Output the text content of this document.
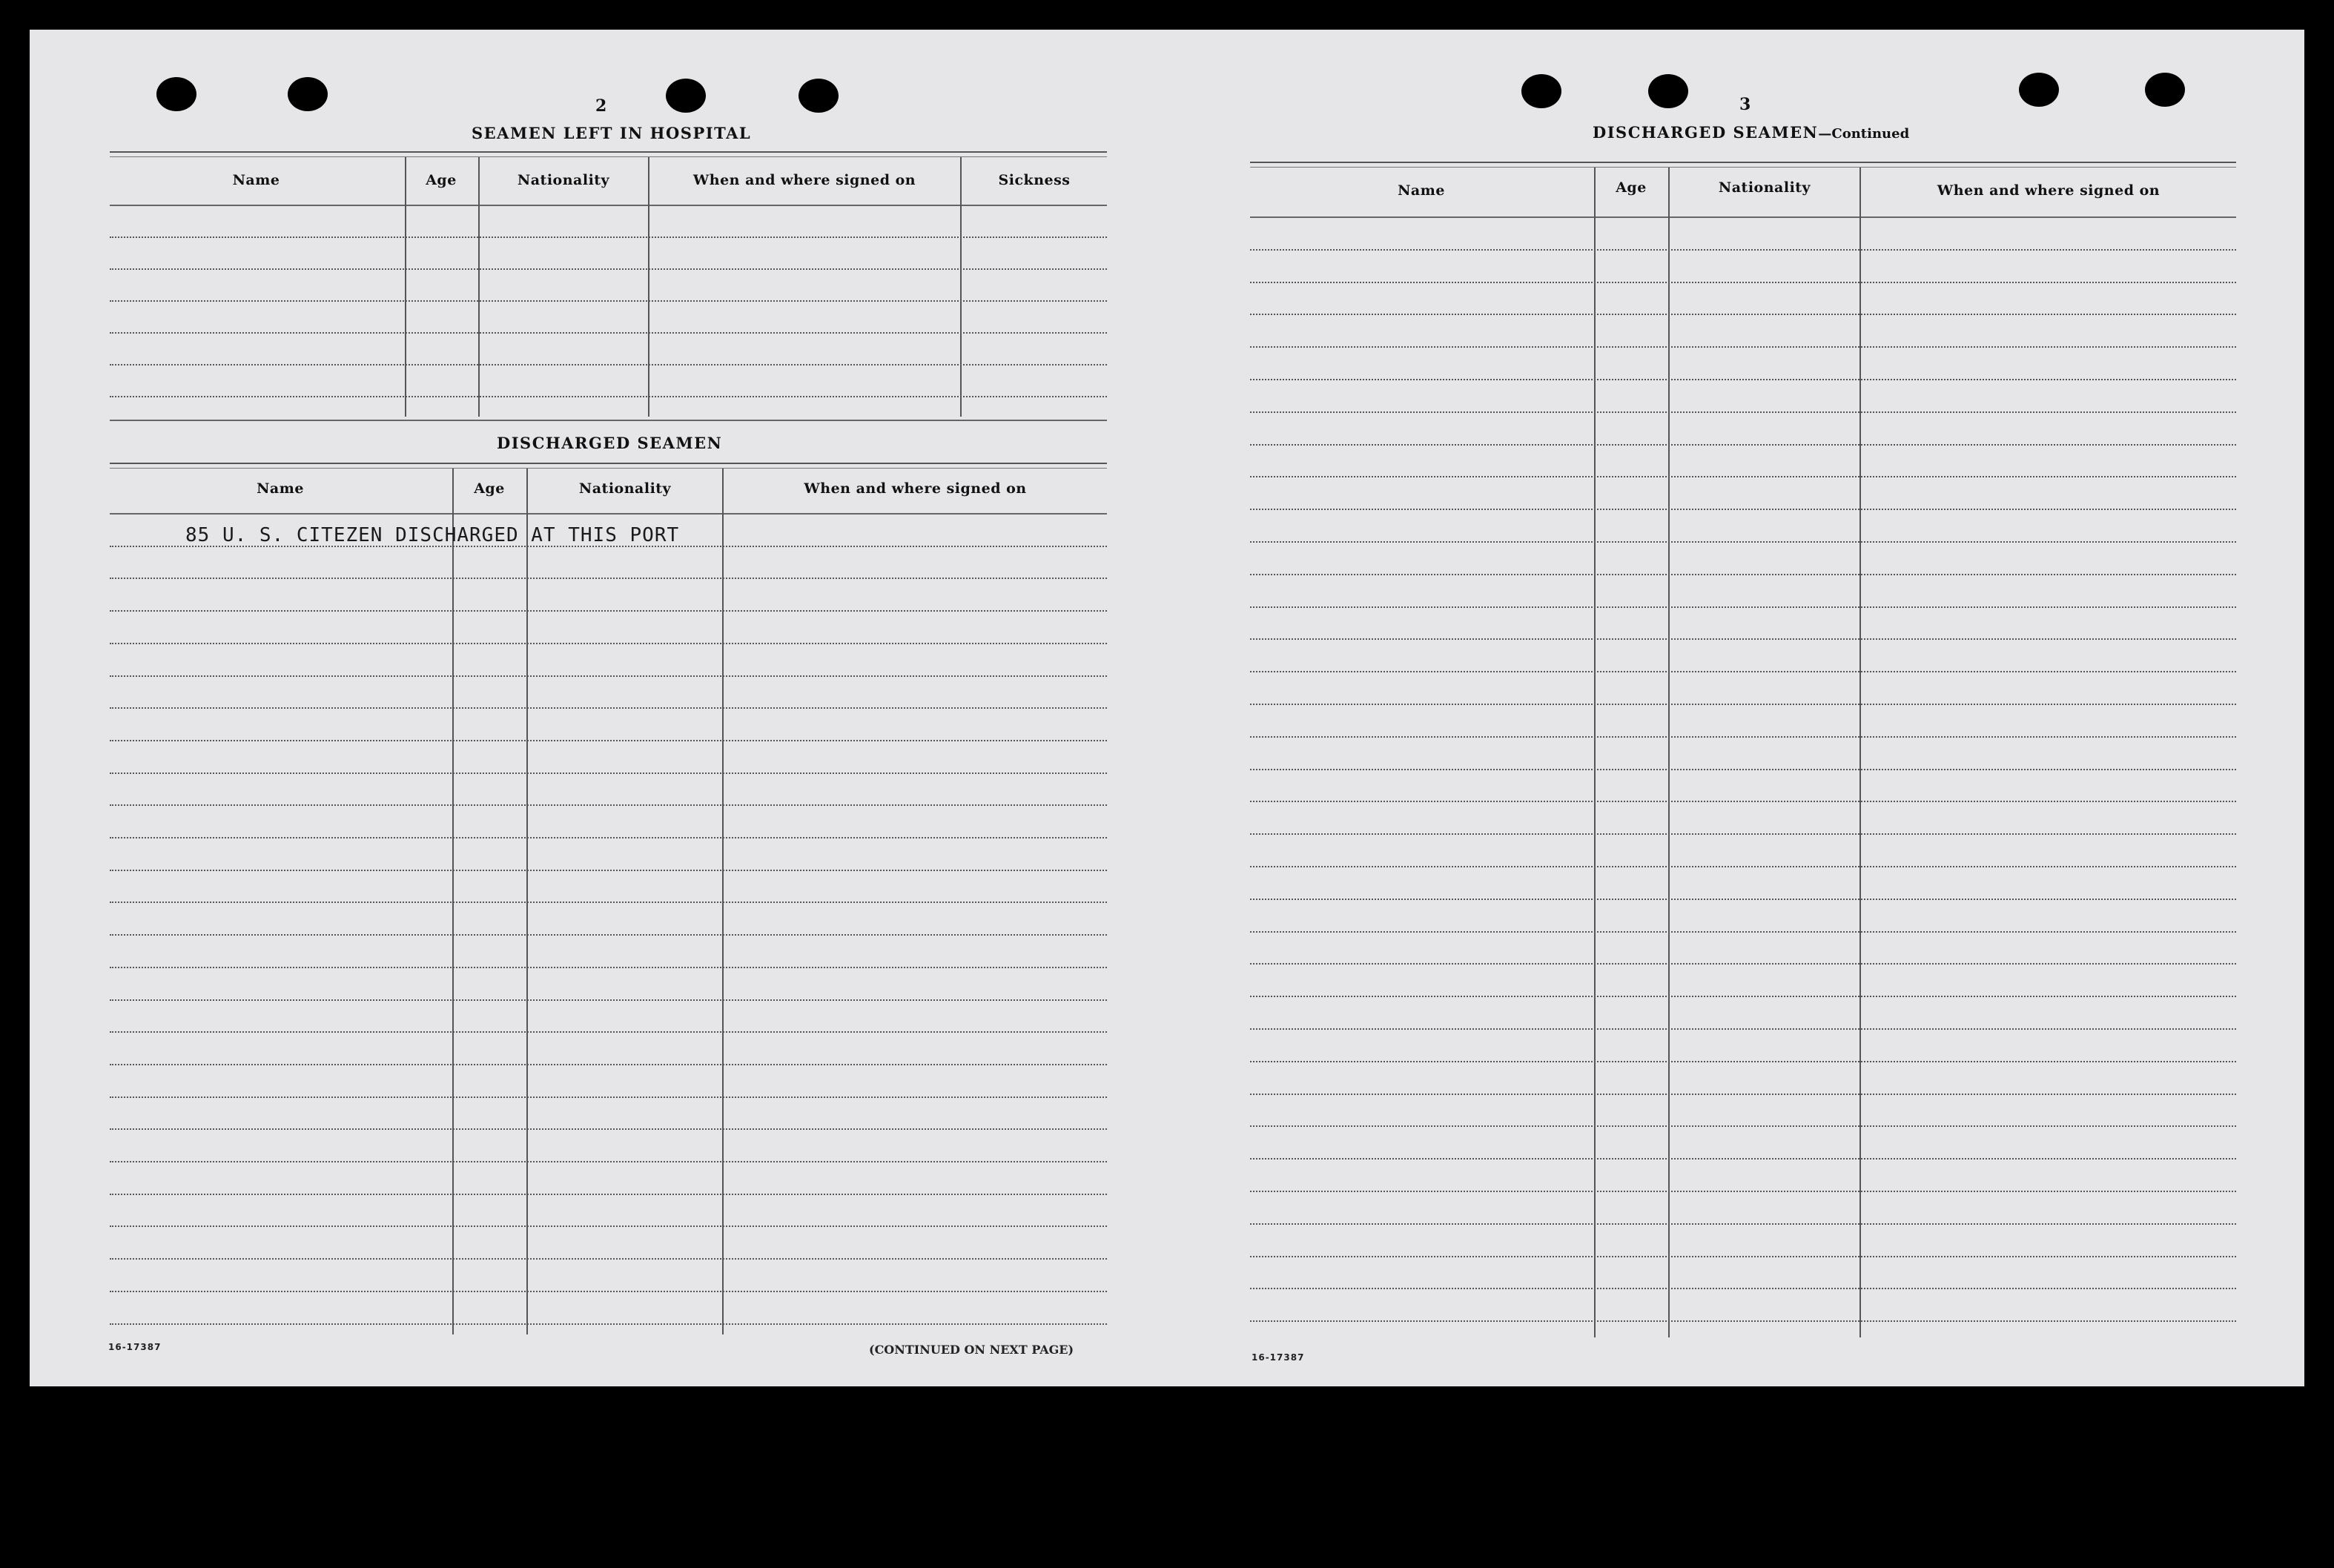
2
SEAMEN LEFT IN HOSPITAL
Name	Age	Nationality	When and where signed on	Sickness
DISCHARGED SEAMEN
Name	Age	Nationality	When and where signed on
85 U. S. CITEZEN DISCHARGED AT THIS PORT
16-17387	(CONTINUED ON NEXT PAGE)
3
DISCHARGED SEAMEN—Continued
Name	Age	Nationality	When and where signed on
16-17387
